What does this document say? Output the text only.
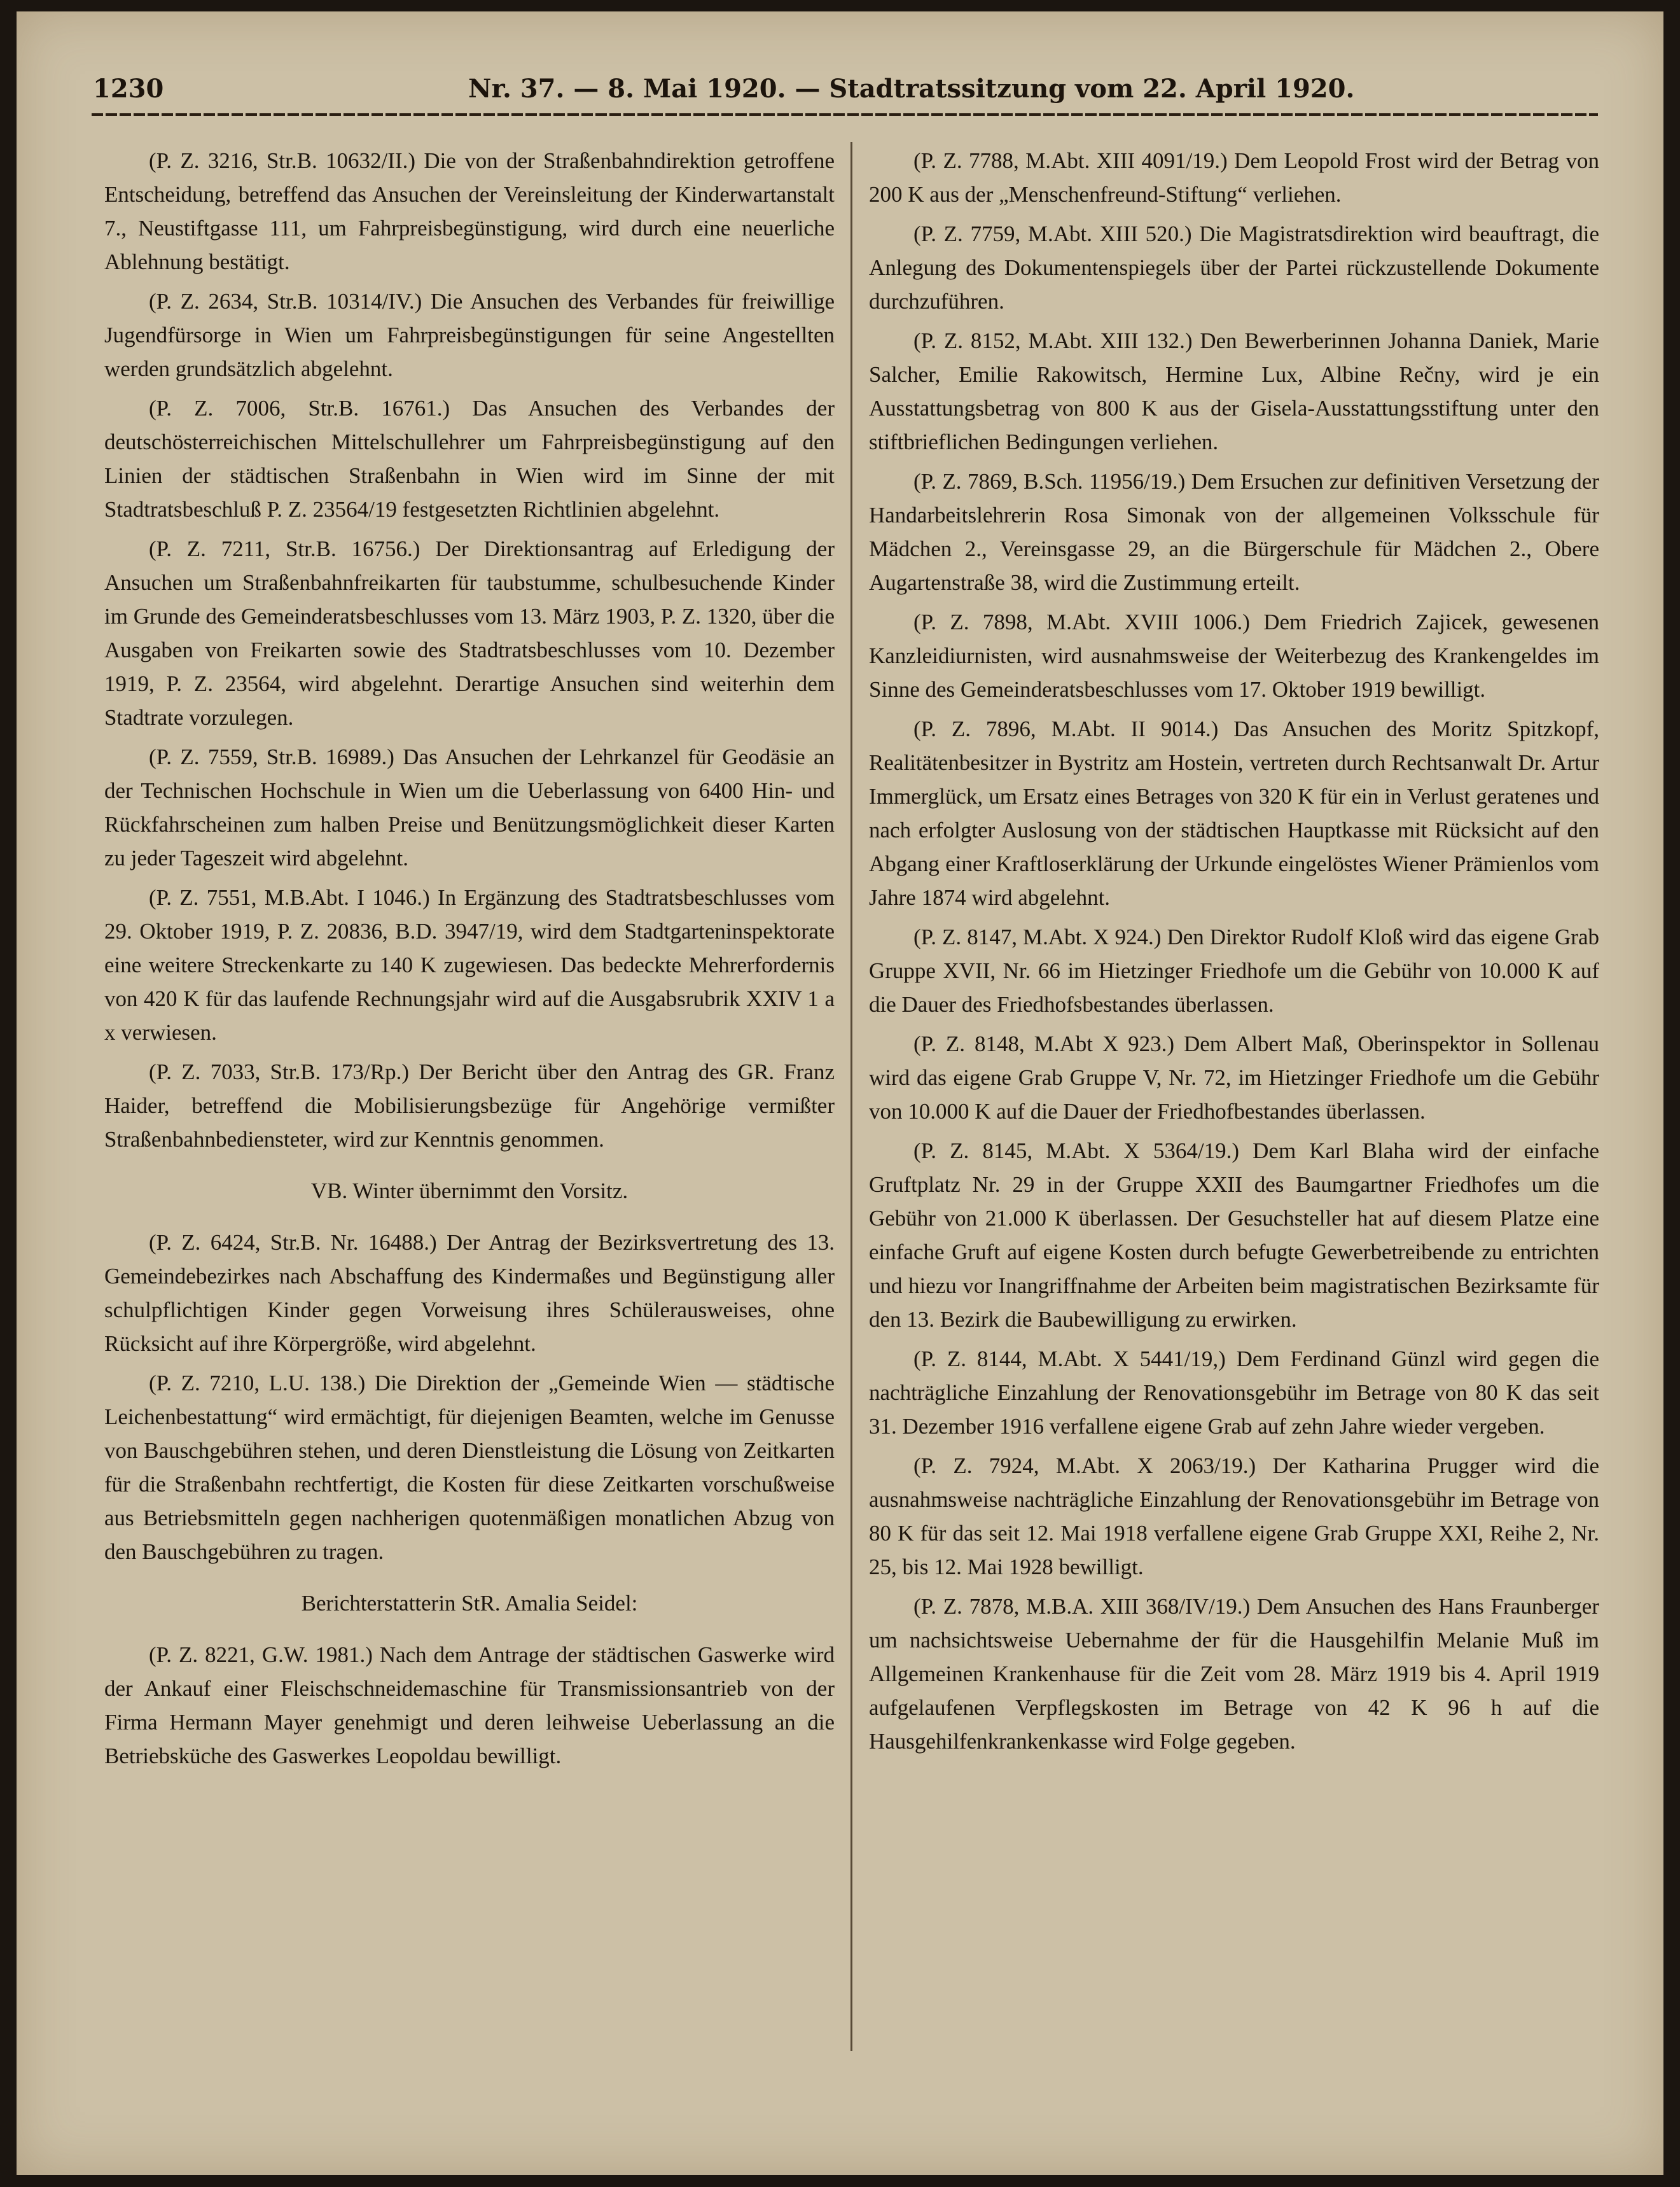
1230	Nr. 37. — 8. Mai 1920. — Stadtratssitzung vom 22. April 1920.

(P. Z. 3216, Str.B. 10632/II.) Die von der Straßenbahndirektion getroffene Entscheidung, betreffend das Ansuchen der Vereinsleitung der Kinderwartanstalt 7., Neustiftgasse 111, um Fahrpreisbegünstigung, wird durch eine neuerliche Ablehnung bestätigt.

(P. Z. 2634, Str.B. 10314/IV.) Die Ansuchen des Verbandes für freiwillige Jugendfürsorge in Wien um Fahrpreisbegünstigungen für seine Angestellten werden grundsätzlich abgelehnt.

(P. Z. 7006, Str.B. 16761.) Das Ansuchen des Verbandes der deutschösterreichischen Mittelschullehrer um Fahrpreisbegünstigung auf den Linien der städtischen Straßenbahn in Wien wird im Sinne der mit Stadtratsbeschluß P. Z. 23564/19 festgesetzten Richtlinien abgelehnt.

(P. Z. 7211, Str.B. 16756.) Der Direktionsantrag auf Erledigung der Ansuchen um Straßenbahnfreikarten für taubstumme, schulbesuchende Kinder im Grunde des Gemeinderatsbeschlusses vom 13. März 1903, P. Z. 1320, über die Ausgaben von Freikarten sowie des Stadtratsbeschlusses vom 10. Dezember 1919, P. Z. 23564, wird abgelehnt. Derartige Ansuchen sind weiterhin dem Stadtrate vorzulegen.

(P. Z. 7559, Str.B. 16989.) Das Ansuchen der Lehrkanzel für Geodäsie an der Technischen Hochschule in Wien um die Ueberlassung von 6400 Hin- und Rückfahrscheinen zum halben Preise und Benützungsmöglichkeit dieser Karten zu jeder Tageszeit wird abgelehnt.

(P. Z. 7551, M.B.Abt. I 1046.) In Ergänzung des Stadtratsbeschlusses vom 29. Oktober 1919, P. Z. 20836, B.D. 3947/19, wird dem Stadtgarteninspektorate eine weitere Streckenkarte zu 140 K zugewiesen. Das bedeckte Mehrerfordernis von 420 K für das laufende Rechnungsjahr wird auf die Ausgabsrubrik XXIV 1 a x verwiesen.

(P. Z. 7033, Str.B. 173/Rp.) Der Bericht über den Antrag des GR. Franz Haider, betreffend die Mobilisierungsbezüge für Angehörige vermißter Straßenbahnbediensteter, wird zur Kenntnis genommen.

VB. Winter übernimmt den Vorsitz.

(P. Z. 6424, Str.B. Nr. 16488.) Der Antrag der Bezirksvertretung des 13. Gemeindebezirkes nach Abschaffung des Kindermaßes und Begünstigung aller schulpflichtigen Kinder gegen Vorweisung ihres Schülerausweises, ohne Rücksicht auf ihre Körpergröße, wird abgelehnt.

(P. Z. 7210, L.U. 138.) Die Direktion der „Gemeinde Wien — städtische Leichenbestattung“ wird ermächtigt, für diejenigen Beamten, welche im Genusse von Bauschgebühren stehen, und deren Dienstleistung die Lösung von Zeitkarten für die Straßenbahn rechtfertigt, die Kosten für diese Zeitkarten vorschußweise aus Betriebsmitteln gegen nachherigen quotenmäßigen monatlichen Abzug von den Bauschgebühren zu tragen.

Berichterstatterin StR. Amalia Seidel:

(P. Z. 8221, G.W. 1981.) Nach dem Antrage der städtischen Gaswerke wird der Ankauf einer Fleischschneidemaschine für Transmissionsantrieb von der Firma Hermann Mayer genehmigt und deren leihweise Ueberlassung an die Betriebsküche des Gaswerkes Leopoldau bewilligt.

(P. Z. 7788, M.Abt. XIII 4091/19.) Dem Leopold Frost wird der Betrag von 200 K aus der „Menschenfreund-Stiftung“ verliehen.

(P. Z. 7759, M.Abt. XIII 520.) Die Magistratsdirektion wird beauftragt, die Anlegung des Dokumentenspiegels über der Partei rückzustellende Dokumente durchzuführen.

(P. Z. 8152, M.Abt. XIII 132.) Den Bewerberinnen Johanna Daniek, Marie Salcher, Emilie Rakowitsch, Hermine Lux, Albine Rečny, wird je ein Ausstattungsbetrag von 800 K aus der Gisela-Ausstattungsstiftung unter den stiftbrieflichen Bedingungen verliehen.

(P. Z. 7869, B.Sch. 11956/19.) Dem Ersuchen zur definitiven Versetzung der Handarbeitslehrerin Rosa Simonak von der allgemeinen Volksschule für Mädchen 2., Vereinsgasse 29, an die Bürgerschule für Mädchen 2., Obere Augartenstraße 38, wird die Zustimmung erteilt.

(P. Z. 7898, M.Abt. XVIII 1006.) Dem Friedrich Zajicek, gewesenen Kanzleidiurnisten, wird ausnahmsweise der Weiterbezug des Krankengeldes im Sinne des Gemeinderatsbeschlusses vom 17. Oktober 1919 bewilligt.

(P. Z. 7896, M.Abt. II 9014.) Das Ansuchen des Moritz Spitzkopf, Realitätenbesitzer in Bystritz am Hostein, vertreten durch Rechtsanwalt Dr. Artur Immerglück, um Ersatz eines Betrages von 320 K für ein in Verlust geratenes und nach erfolgter Auslosung von der städtischen Hauptkasse mit Rücksicht auf den Abgang einer Kraftloserklärung der Urkunde eingelöstes Wiener Prämienlos vom Jahre 1874 wird abgelehnt.

(P. Z. 8147, M.Abt. X 924.) Den Direktor Rudolf Kloß wird das eigene Grab Gruppe XVII, Nr. 66 im Hietzinger Friedhofe um die Gebühr von 10.000 K auf die Dauer des Friedhofsbestandes überlassen.

(P. Z. 8148, M.Abt X 923.) Dem Albert Maß, Oberinspektor in Sollenau wird das eigene Grab Gruppe V, Nr. 72, im Hietzinger Friedhofe um die Gebühr von 10.000 K auf die Dauer der Friedhofbestandes überlassen.

(P. Z. 8145, M.Abt. X 5364/19.) Dem Karl Blaha wird der einfache Gruftplatz Nr. 29 in der Gruppe XXII des Baumgartner Friedhofes um die Gebühr von 21.000 K überlassen. Der Gesuchsteller hat auf diesem Platze eine einfache Gruft auf eigene Kosten durch befugte Gewerbetreibende zu entrichten und hiezu vor Inangriffnahme der Arbeiten beim magistratischen Bezirksamte für den 13. Bezirk die Baubewilligung zu erwirken.

(P. Z. 8144, M.Abt. X 5441/19,) Dem Ferdinand Günzl wird gegen die nachträgliche Einzahlung der Renovationsgebühr im Betrage von 80 K das seit 31. Dezember 1916 verfallene eigene Grab auf zehn Jahre wieder vergeben.

(P. Z. 7924, M.Abt. X 2063/19.) Der Katharina Prugger wird die ausnahmsweise nachträgliche Einzahlung der Renovationsgebühr im Betrage von 80 K für das seit 12. Mai 1918 verfallene eigene Grab Gruppe XXI, Reihe 2, Nr. 25, bis 12. Mai 1928 bewilligt.

(P. Z. 7878, M.B.A. XIII 368/IV/19.) Dem Ansuchen des Hans Fraunberger um nachsichtsweise Uebernahme der für die Hausgehilfin Melanie Muß im Allgemeinen Krankenhause für die Zeit vom 28. März 1919 bis 4. April 1919 aufgelaufenen Verpflegskosten im Betrage von 42 K 96 h auf die Hausgehilfenkrankenkasse wird Folge gegeben.
